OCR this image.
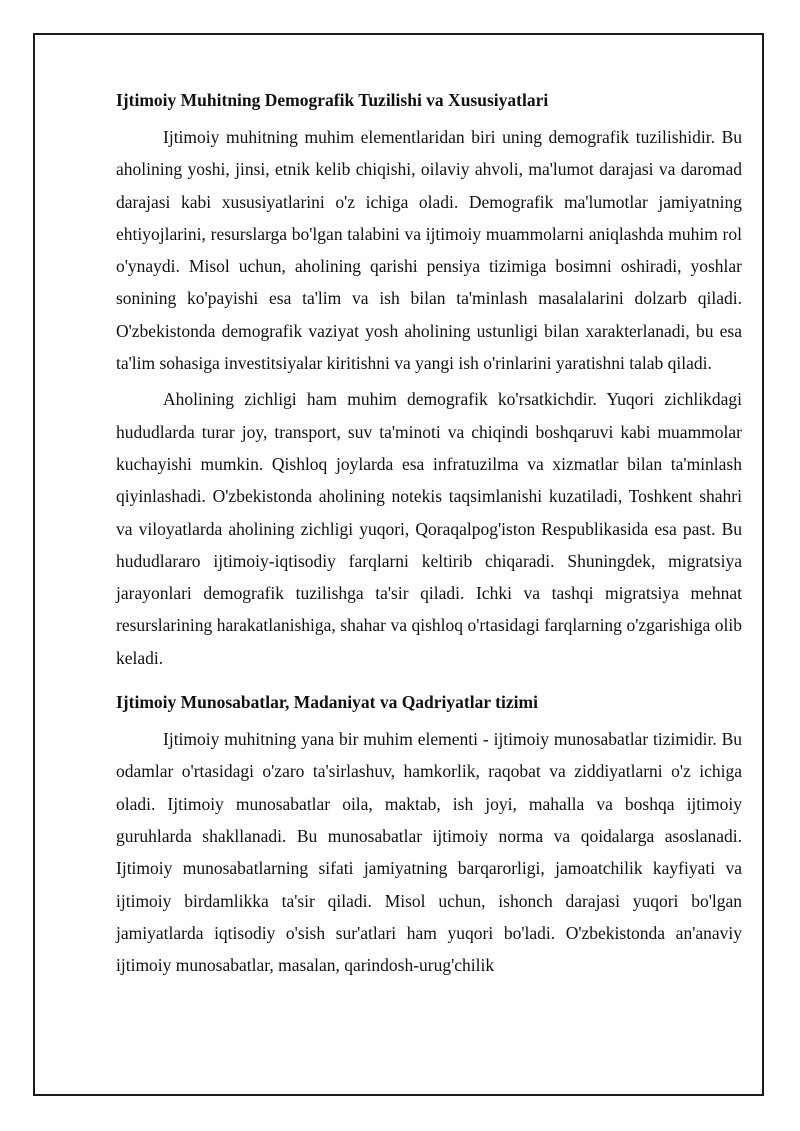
Ijtimoiy Muhitning Demografik Tuzilishi va Xususiyatlari

Ijtimoiy muhitning muhim elementlaridan biri uning demografik tuzilishidir. Bu aholining yoshi, jinsi, etnik kelib chiqishi, oilaviy ahvoli, ma'lumot darajasi va daromad darajasi kabi xususiyatlarini o'z ichiga oladi. Demografik ma'lumotlar jamiyatning ehtiyojlarini, resurslarga bo'lgan talabini va ijtimoiy muammolarni aniqlashda muhim rol o'ynaydi. Misol uchun, aholining qarishi pensiya tizimiga bosimni oshiradi, yoshlar sonining ko'payishi esa ta'lim va ish bilan ta'minlash masalalarini dolzarb qiladi. O'zbekistonda demografik vaziyat yosh aholining ustunligi bilan xarakterlanadi, bu esa ta'lim sohasiga investitsiyalar kiritishni va yangi ish o'rinlarini yaratishni talab qiladi.

Aholining zichligi ham muhim demografik ko'rsatkichdir. Yuqori zichlikdagi hududlarda turar joy, transport, suv ta'minoti va chiqindi boshqaruvi kabi muammolar kuchayishi mumkin. Qishloq joylarda esa infratuzilma va xizmatlar bilan ta'minlash qiyinlashadi. O'zbekistonda aholining notekis taqsimlanishi kuzatiladi, Toshkent shahri va viloyatlarda aholining zichligi yuqori, Qoraqalpog'iston Respublikasida esa past. Bu hududlararo ijtimoiy-iqtisodiy farqlarni keltirib chiqaradi. Shuningdek, migratsiya jarayonlari demografik tuzilishga ta'sir qiladi. Ichki va tashqi migratsiya mehnat resurslarining harakatlanishiga, shahar va qishloq o'rtasidagi farqlarning o'zgarishiga olib keladi.

Ijtimoiy Munosabatlar, Madaniyat va Qadriyatlar tizimi

Ijtimoiy muhitning yana bir muhim elementi - ijtimoiy munosabatlar tizimidir. Bu odamlar o'rtasidagi o'zaro ta'sirlashuv, hamkorlik, raqobat va ziddiyatlarni o'z ichiga oladi. Ijtimoiy munosabatlar oila, maktab, ish joyi, mahalla va boshqa ijtimoiy guruhlarda shakllanadi. Bu munosabatlar ijtimoiy norma va qoidalarga asoslanadi. Ijtimoiy munosabatlarning sifati jamiyatning barqarorligi, jamoatchilik kayfiyati va ijtimoiy birdamlikka ta'sir qiladi. Misol uchun, ishonch darajasi yuqori bo'lgan jamiyatlarda iqtisodiy o'sish sur'atlari ham yuqori bo'ladi. O'zbekistonda an'anaviy ijtimoiy munosabatlar, masalan, qarindosh-urug'chilik
